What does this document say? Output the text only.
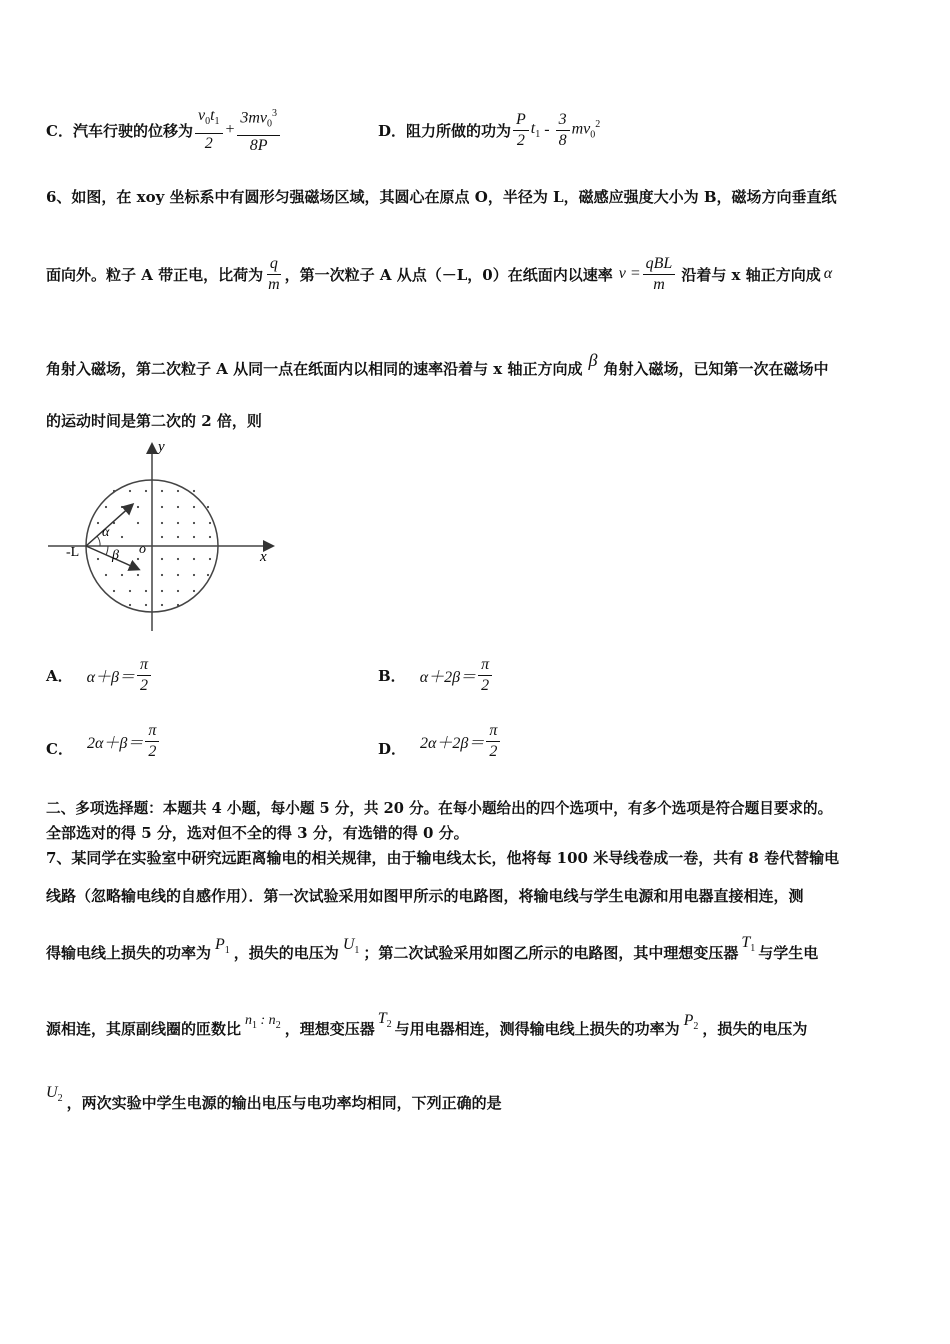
C．汽车行驶的位移为 $\frac{v_0t_1}{2} + \frac{3mv_0^3}{8P}$	D．阻力所做的功为 $\frac{P}{2} t_1 - \frac{3}{8} mv_0^2$
6、如图，在 xoy 坐标系中有圆形匀强磁场区域，其圆心在原点 O，半径为 L，磁感应强度大小为 B，磁场方向垂直纸
面向外。粒子 A 带正电，比荷为 $\frac{q}{m}$ ，第一次粒子 A 从点（－L，0）在纸面内以速率 $v = \frac{\text{qBL}}{m}$ 沿着与 x 轴正方向成 α
角射入磁场，第二次粒子 A 从同一点在纸面内以相同的速率沿着与 x 轴正方向成 β 角射入磁场，已知第一次在磁场中
的运动时间是第二次的 2 倍，则
α
β
-L	o	x
y
A． $\alpha+\beta= \frac{\pi}{2}$	B． $\alpha+2\beta= \frac{\pi}{2}$
C． $2\alpha+\beta= \frac{\pi}{2}$	D． $2\alpha+2\beta= \frac{\pi}{2}$
二、多项选择题：本题共 4 小题，每小题 5 分，共 20 分。在每小题给出的四个选项中，有多个选项是符合题目要求的。
全部选对的得 5 分，选对但不全的得 3 分，有选错的得 0 分。
7、某同学在实验室中研究远距离输电的相关规律，由于输电线太长，他将每 100 米导线卷成一卷，共有 8 卷代替输电
线路（忽略输电线的自感作用）．第一次试验采用如图甲所示的电路图，将输电线与学生电源和用电器直接相连，测
得输电线上损失的功率为 $P_1$ ，损失的电压为 $U_1$ ；第二次试验采用如图乙所示的电路图，其中理想变压器
$T_1$ 与学生电
源相连，其原副线圈的匝数比 $n_1$ : $n_2$ ，理想变压器
$T_2$ 与用电器相连，测得输电线上损失的功率为 $P_2$ ，损失的电压为
$U_2$ ，两次实验中学生电源的输出电压与电功率均相同，下列正确的是
